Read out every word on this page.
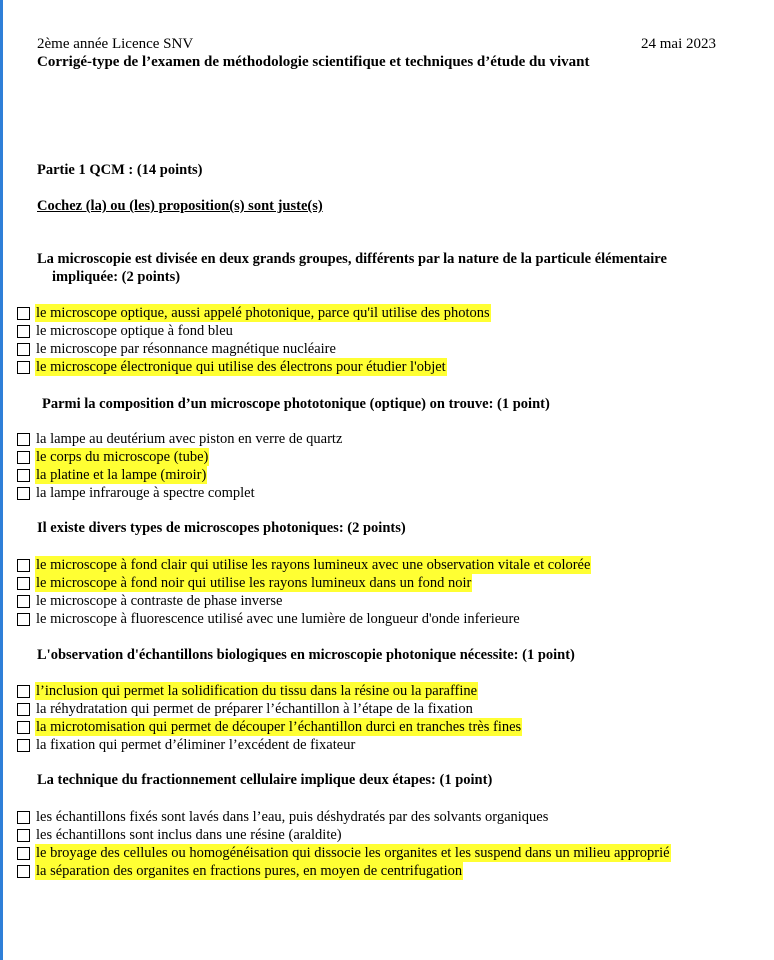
2ème année Licence SNV	24 mai 2023
Corrigé-type de l’examen de méthodologie scientifique et techniques d’étude du vivant
Partie 1 QCM : (14 points)
Cochez (la) ou (les) proposition(s) sont juste(s)
La microscopie est divisée en deux grands groupes, différents par la nature de la particule élémentaire
impliquée: (2 points)
le microscope optique, aussi appelé photonique, parce qu'il utilise des photons
le microscope optique à fond bleu
le microscope par résonnance magnétique nucléaire
le microscope électronique qui utilise des électrons pour étudier l'objet
Parmi la composition d’un microscope phototonique (optique) on trouve: (1 point)
la lampe au deutérium avec piston en verre de quartz
le corps du microscope (tube)
la platine et la lampe (miroir)
la lampe infrarouge à spectre complet
Il existe divers types de microscopes photoniques: (2 points)
le microscope à fond clair qui utilise les rayons lumineux avec une observation vitale et colorée
le microscope à fond noir qui utilise les rayons lumineux dans un fond noir
le microscope à contraste de phase inverse
le microscope à fluorescence utilisé avec une lumière de longueur d'onde inferieure
L'observation d'échantillons biologiques en microscopie photonique nécessite: (1 point)
l’inclusion qui permet la solidification du tissu dans la résine ou la paraffine
la réhydratation qui permet de préparer l’échantillon à l’étape de la fixation
la microtomisation qui permet de découper l’échantillon durci en tranches très fines
la fixation qui permet d’éliminer l’excédent de fixateur
La technique du fractionnement cellulaire implique deux étapes: (1 point)
les échantillons fixés sont lavés dans l’eau, puis déshydratés par des solvants organiques
les échantillons sont inclus dans une résine (araldite)
le broyage des cellules ou homogénéisation qui dissocie les organites et les suspend dans un milieu approprié
la séparation des organites en fractions pures, en moyen de centrifugation
